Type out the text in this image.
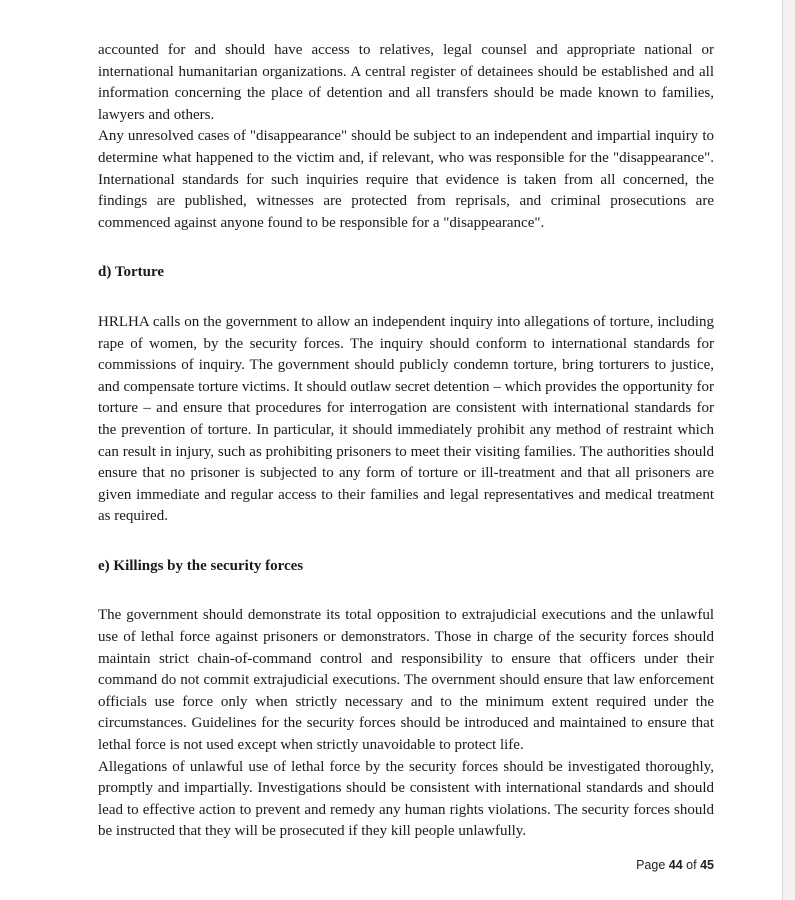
accounted for and should have access to relatives, legal counsel and appropriate national or international humanitarian organizations. A central register of detainees should be established and all information concerning the place of detention and all transfers should be made known to families, lawyers and others.

Any unresolved cases of "disappearance" should be subject to an independent and impartial inquiry to determine what happened to the victim and, if relevant, who was responsible for the "disappearance". International standards for such inquiries require that evidence is taken from all concerned, the findings are published, witnesses are protected from reprisals, and criminal prosecutions are commenced against anyone found to be responsible for a "disappearance".

d) Torture

HRLHA calls on the government to allow an independent inquiry into allegations of torture, including rape of women, by the security forces. The inquiry should conform to international standards for commissions of inquiry. The government should publicly condemn torture, bring torturers to justice, and compensate torture victims. It should outlaw secret detention – which provides the opportunity for torture – and ensure that procedures for interrogation are consistent with international standards for the prevention of torture. In particular, it should immediately prohibit any method of restraint which can result in injury, such as prohibiting prisoners to meet their visiting families. The authorities should ensure that no prisoner is subjected to any form of torture or ill-treatment and that all prisoners are given immediate and regular access to their families and legal representatives and medical treatment as required.

e) Killings by the security forces

The government should demonstrate its total opposition to extrajudicial executions and the unlawful use of lethal force against prisoners or demonstrators. Those in charge of the security forces should maintain strict chain-of-command control and responsibility to ensure that officers under their command do not commit extrajudicial executions. The overnment should ensure that law enforcement officials use force only when strictly necessary and to the minimum extent required under the circumstances. Guidelines for the security forces should be introduced and maintained to ensure that lethal force is not used except when strictly unavoidable to protect life.

Allegations of unlawful use of lethal force by the security forces should be investigated thoroughly, promptly and impartially. Investigations should be consistent with international standards and should lead to effective action to prevent and remedy any human rights violations. The security forces should be instructed that they will be prosecuted if they kill people unlawfully.

Page 44 of 45
